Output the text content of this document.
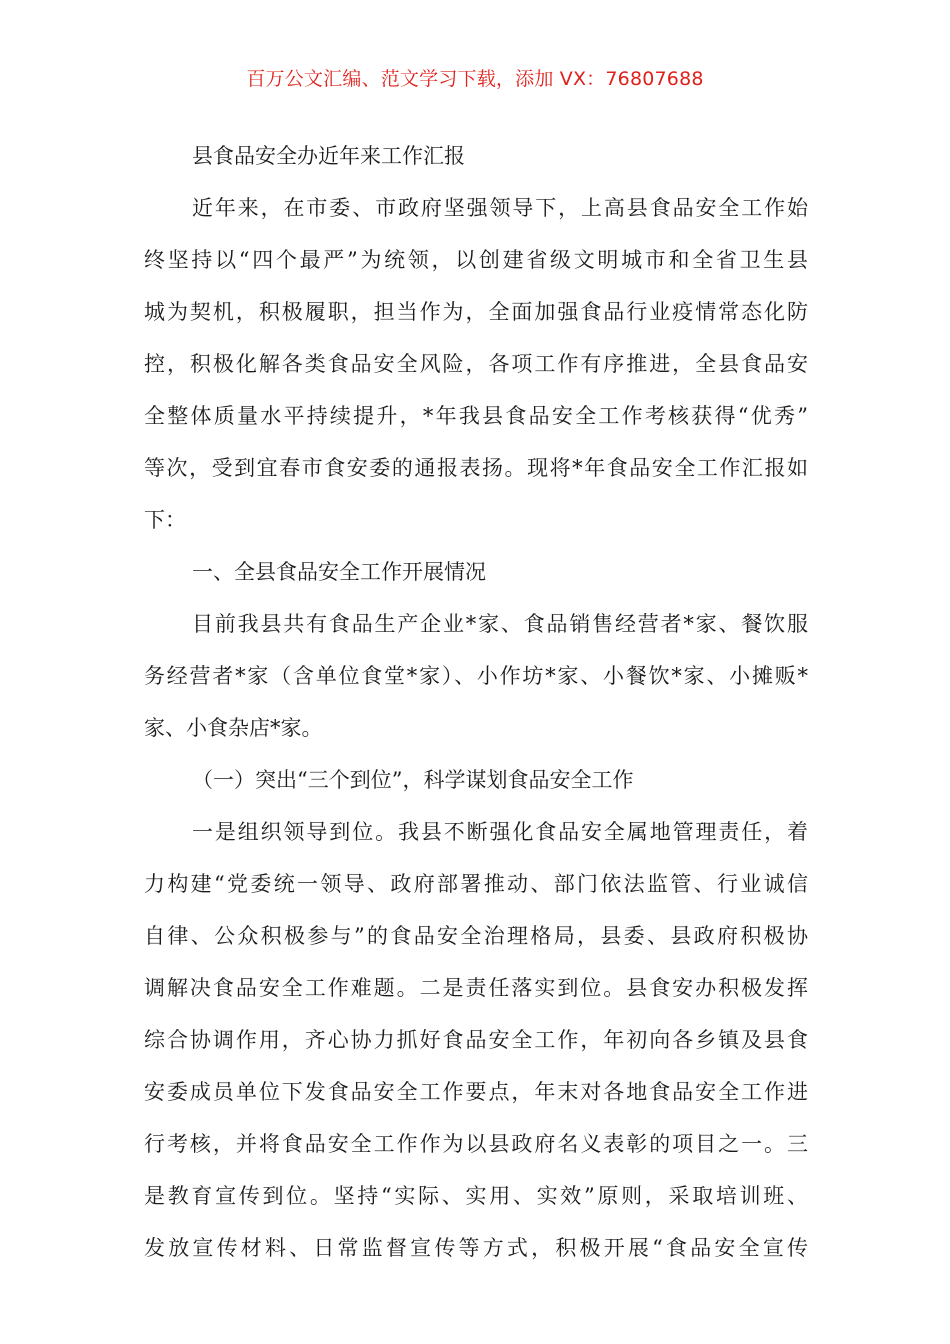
百万公文汇编、范文学习下载，添加 VX：76807688
县食品安全办近年来工作汇报
近年来，在市委、市政府坚强领导下，上高县食品安全工作始
终坚持以“四个最严”为统领，以创建省级文明城市和全省卫生县
城为契机，积极履职，担当作为，全面加强食品行业疫情常态化防
控，积极化解各类食品安全风险，各项工作有序推进，全县食品安
全整体质量水平持续提升，*年我县食品安全工作考核获得“优秀”
等次，受到宜春市食安委的通报表扬。现将*年食品安全工作汇报如
下：
一、全县食品安全工作开展情况
目前我县共有食品生产企业*家、食品销售经营者*家、餐饮服
务经营者*家（含单位食堂*家）、小作坊*家、小餐饮*家、小摊贩*
家、小食杂店*家。
（一）突出“三个到位”，科学谋划食品安全工作
一是组织领导到位。我县不断强化食品安全属地管理责任，着
力构建“党委统一领导、政府部署推动、部门依法监管、行业诚信
自律、公众积极参与”的食品安全治理格局，县委、县政府积极协
调解决食品安全工作难题。二是责任落实到位。县食安办积极发挥
综合协调作用，齐心协力抓好食品安全工作，年初向各乡镇及县食
安委成员单位下发食品安全工作要点，年末对各地食品安全工作进
行考核，并将食品安全工作作为以县政府名义表彰的项目之一。三
是教育宣传到位。坚持“实际、实用、实效”原则，采取培训班、
发放宣传材料、日常监督宣传等方式，积极开展“食品安全宣传
